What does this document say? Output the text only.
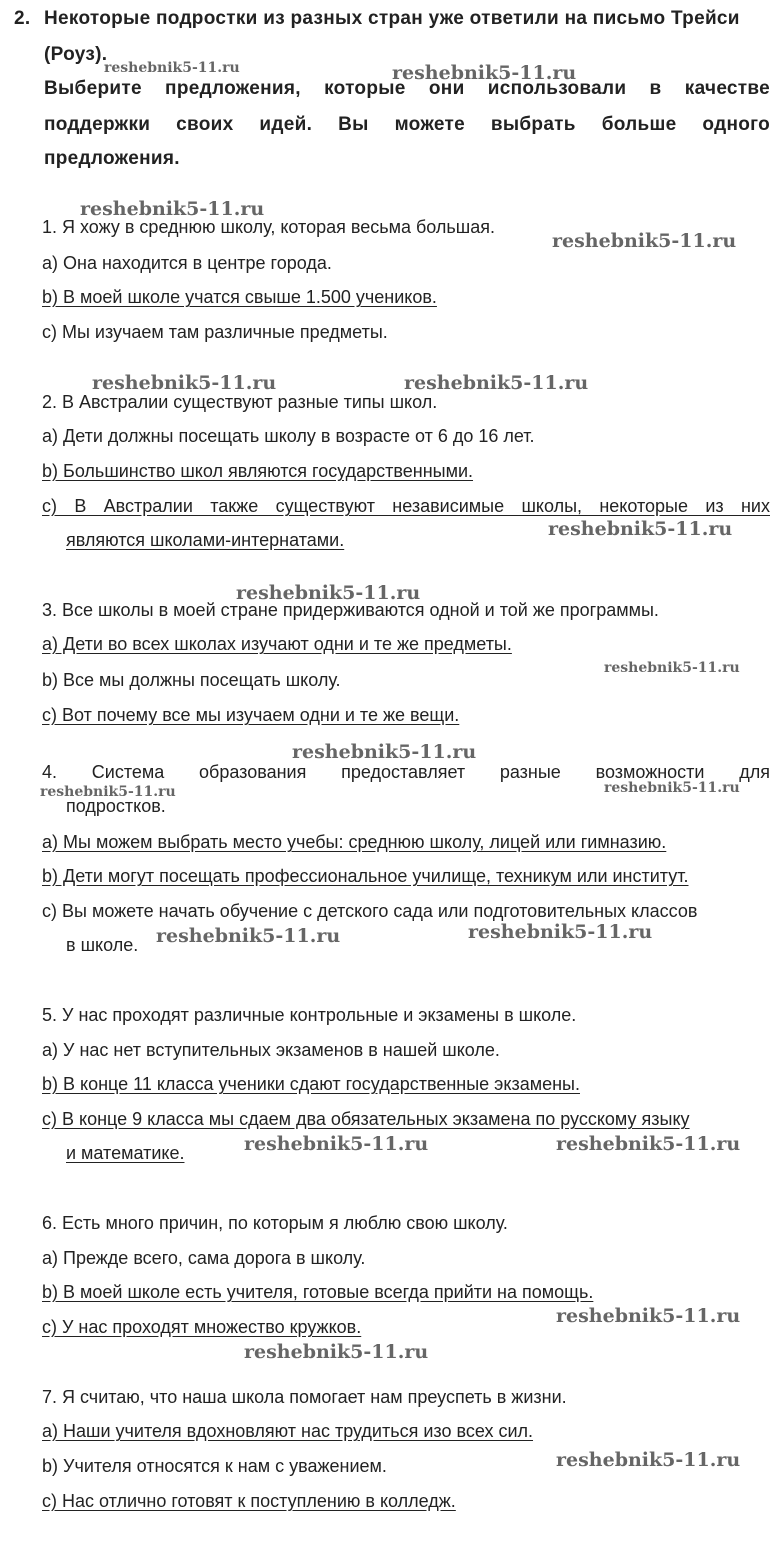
2. Некоторые подростки из разных стран уже ответили на письмо Трейси
(Роуз).
Выберите предложения, которые они использовали в качестве
поддержки своих идей. Вы можете выбрать больше одного
предложения.
1. Я хожу в среднюю школу, которая весьма большая.
а) Она находится в центре города.
b) В моей школе учатся свыше 1.500 учеников.
с) Мы изучаем там различные предметы.
2. В Австралии существуют разные типы школ.
а) Дети должны посещать школу в возрасте от 6 до 16 лет.
b) Большинство школ являются государственными.
с) В Австралии также существуют независимые школы, некоторые из них
являются школами-интернатами.
3. Все школы в моей стране придерживаются одной и той же программы.
а) Дети во всех школах изучают одни и те же предметы.
b) Все мы должны посещать школу.
с) Вот почему все мы изучаем одни и те же вещи.
4. Система образования предоставляет разные возможности для
подростков.
а) Мы можем выбрать место учебы: среднюю школу, лицей или гимназию.
b) Дети могут посещать профессиональное училище, техникум или институт.
с) Вы можете начать обучение с детского сада или подготовительных классов
в школе.
5. У нас проходят различные контрольные и экзамены в школе.
а) У нас нет вступительных экзаменов в нашей школе.
b) В конце 11 класса ученики сдают государственные экзамены.
с) В конце 9 класса мы сдаем два обязательных экзамена по русскому языку
и математике.
6. Есть много причин, по которым я люблю свою школу.
а) Прежде всего, сама дорога в школу.
b) В моей школе есть учителя, готовые всегда прийти на помощь.
с) У нас проходят множество кружков.
7. Я считаю, что наша школа помогает нам преуспеть в жизни.
а) Наши учителя вдохновляют нас трудиться изо всех сил.
b) Учителя относятся к нам с уважением.
с) Нас отлично готовят к поступлению в колледж.
reshebnik5-11.ru	reshebnik5-11.ru
reshebnik5-11.ru
reshebnik5-11.ru
reshebnik5-11.ru	reshebnik5-11.ru
reshebnik5-11.ru
reshebnik5-11.ru
reshebnik5-11.ru
reshebnik5-11.ru
reshebnik5-11.ru	reshebnik5-11.ru
reshebnik5-11.ru	reshebnik5-11.ru
reshebnik5-11.ru	reshebnik5-11.ru
reshebnik5-11.ru
reshebnik5-11.ru
reshebnik5-11.ru
